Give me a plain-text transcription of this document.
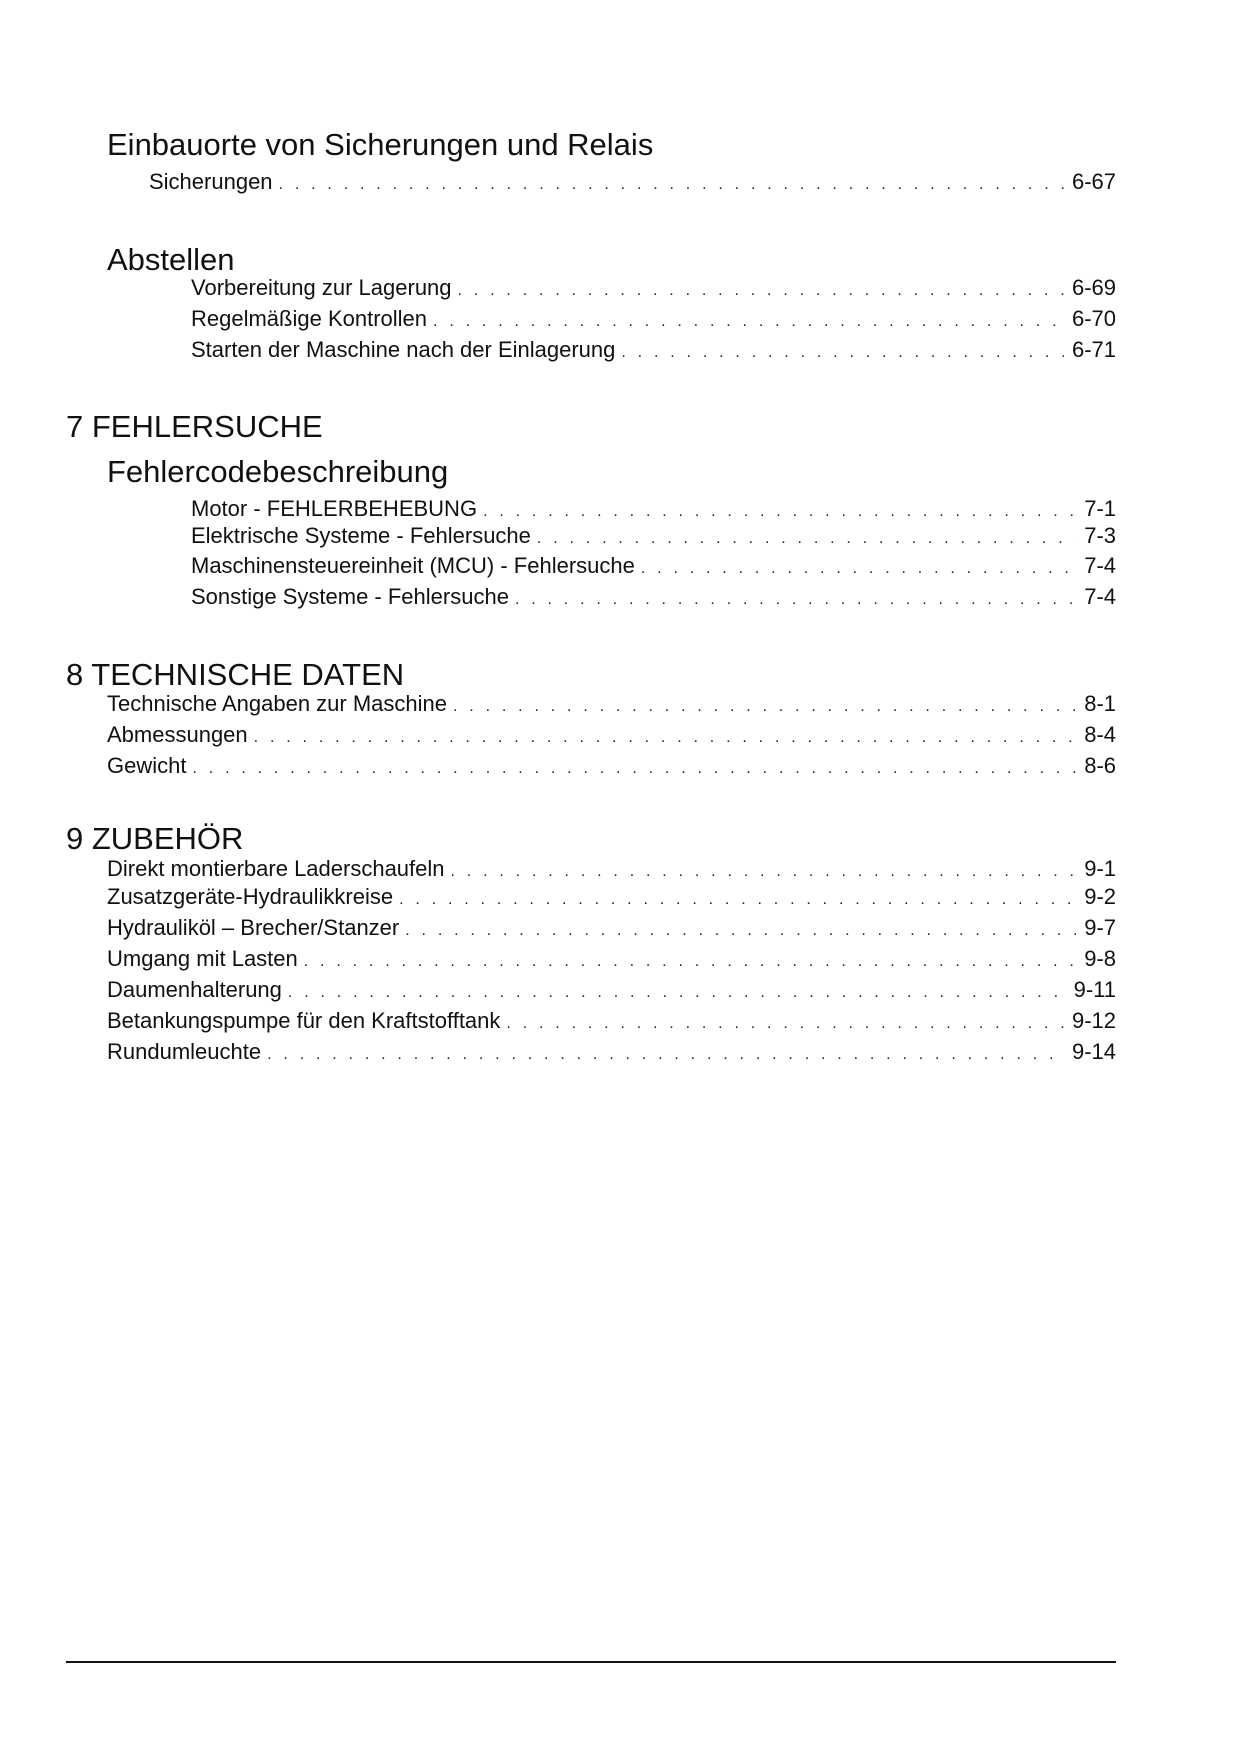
Einbauorte von Sicherungen und Relais
Sicherungen . . .	6-67
Abstellen
Vorbereitung zur Lagerung . . .	6-69
Regelmäßige Kontrollen . . .	6-70
Starten der Maschine nach der Einlagerung . . .	6-71
7 FEHLERSUCHE
Fehlercodebeschreibung
Motor - FEHLERBEHEBUNG . . .	7-1
Elektrische Systeme - Fehlersuche . . .	7-3
Maschinensteuereinheit (MCU) - Fehlersuche . . .	7-4
Sonstige Systeme - Fehlersuche . . .	7-4
8 TECHNISCHE DATEN
Technische Angaben zur Maschine . . .	8-1
Abmessungen . . .	8-4
Gewicht . . .	8-6
9 ZUBEHÖR
Direkt montierbare Laderschaufeln . . .	9-1
Zusatzgeräte-Hydraulikkreise . . .	9-2
Hydrauliköl – Brecher/Stanzer . . .	9-7
Umgang mit Lasten . . .	9-8
Daumenhalterung . . .	9-11
Betankungspumpe für den Kraftstofftank . . .	9-12
Rundumleuchte . . .	9-14
